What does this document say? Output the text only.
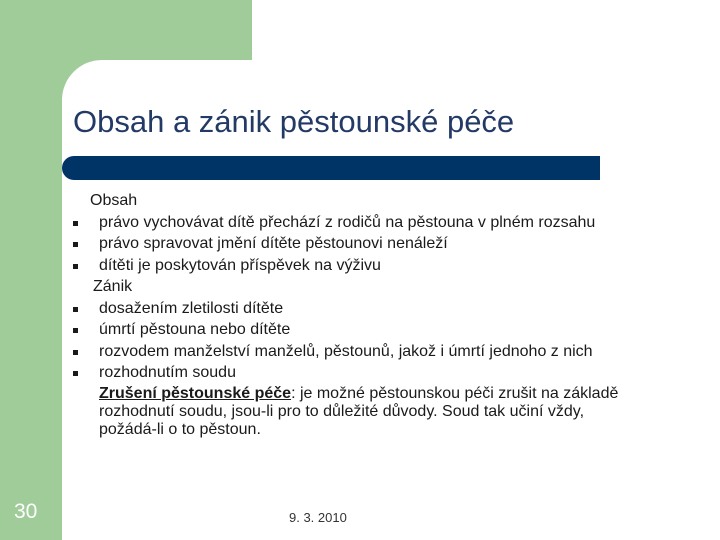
Obsah a zánik pěstounské péče
Obsah
právo vychovávat dítě přechází z rodičů na pěstouna v plném rozsahu
právo spravovat jmění dítěte pěstounovi nenáleží
dítěti je poskytován příspěvek na výživu
Zánik
dosažením zletilosti dítěte
úmrtí pěstouna nebo dítěte
rozvodem manželství manželů, pěstounů, jakož i úmrtí jednoho z nich
rozhodnutím soudu
Zrušení pěstounské péče: je možné pěstounskou péči zrušit na základě rozhodnutí soudu, jsou-li pro to důležité důvody. Soud tak učiní vždy, požádá-li o to pěstoun.
30	9. 3. 2010
